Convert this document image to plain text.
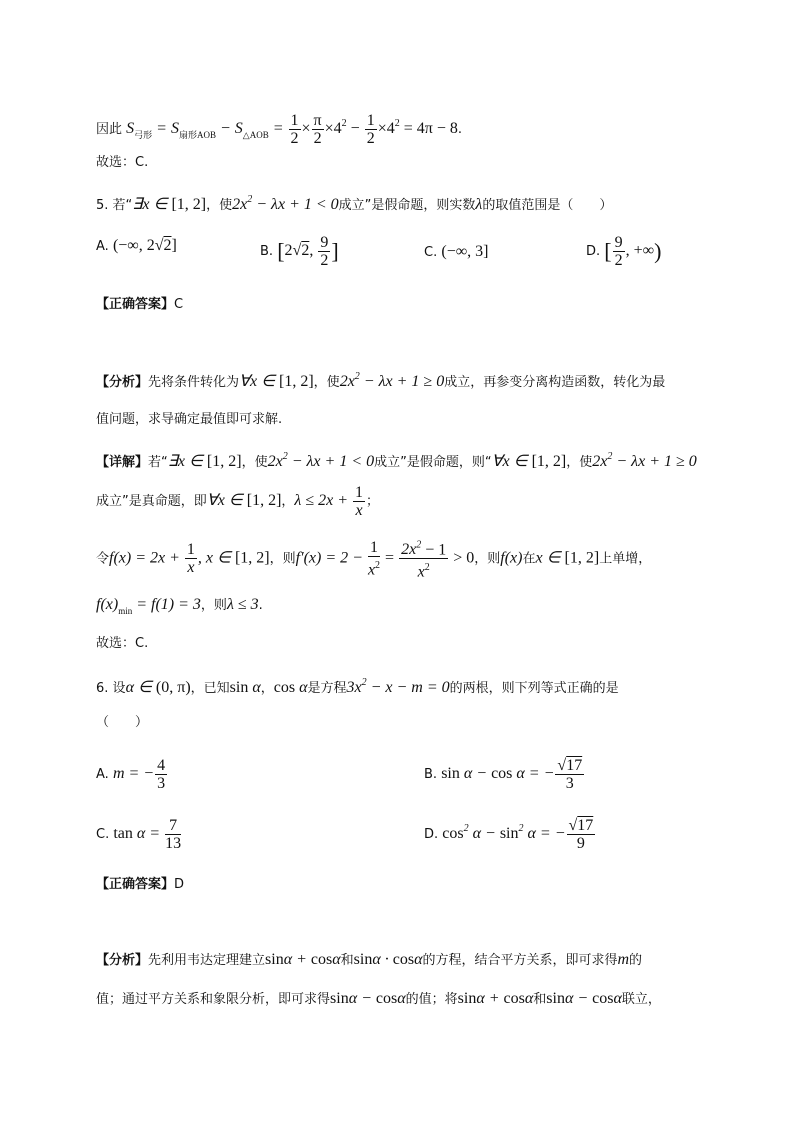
因此 $S_{弓形} = S_{扇形AOB} - S_{\triangle AOB} = \frac{1}{2} \times \frac{\pi}{2} \times 4^2 - \frac{1}{2} \times 4^2 = 4\pi - 8$.
故选：C.
5. 若“∃x ∈ [1, 2]，使$2x^2 - \lambda x + 1 < 0$成立”是假命题，则实数λ的取值范围是（　　）
A. (−∞, 2√2]	B. [2√2, $\frac{9}{2}$ ]	C. (−∞, 3]	D. [ $\frac{9}{2}$ , +∞)
【正确答案】C
【分析】先将条件转化为∀x ∈ [1, 2]，使$2x^2 - \lambda x + 1 \ge 0$成立，再参变分离构造函数，转化为最
值问题，求导确定最值即可求解.
【详解】若“∃x ∈ [1, 2]，使$2x^2 - \lambda x + 1 < 0$成立”是假命题，则“∀x ∈ [1, 2]，使$2x^2 - \lambda x + 1 \ge 0$
成立”是真命题，即∀x ∈ [1, 2]，$\lambda \le 2x + \frac{1}{x}$ ；
令$f(x) = 2x + \frac{1}{x}$ , x ∈ [1, 2]，则$f'(x) = 2 - \frac{1}{x^2} = \frac{2x^2 - 1}{x^2} > 0$，则f(x)在x ∈ [1, 2]上单增，
$f(x)_{min} = f(1) = 3$，则λ ≤ 3.
故选：C.
6. 设α ∈ (0, π)，已知sin α，cos α是方程$3x^2 - x - m = 0$的两根，则下列等式正确的是
（　　）
A. m = − $\frac{4}{3}$	B. sin α − cos α = − $\frac{√17}{3}$
C. $\tan \alpha = \frac{7}{13}$	D. $\cos^2 \alpha - \sin^2 \alpha$ = − $\frac{√17}{9}$
【正确答案】D
【分析】先利用韦达定理建立sinα + cosα和sinα · cosα的方程，结合平方关系，即可求得m的
值；通过平方关系和象限分析，即可求得sinα − cosα的值；将sinα + cosα和sinα − cosα联立，
